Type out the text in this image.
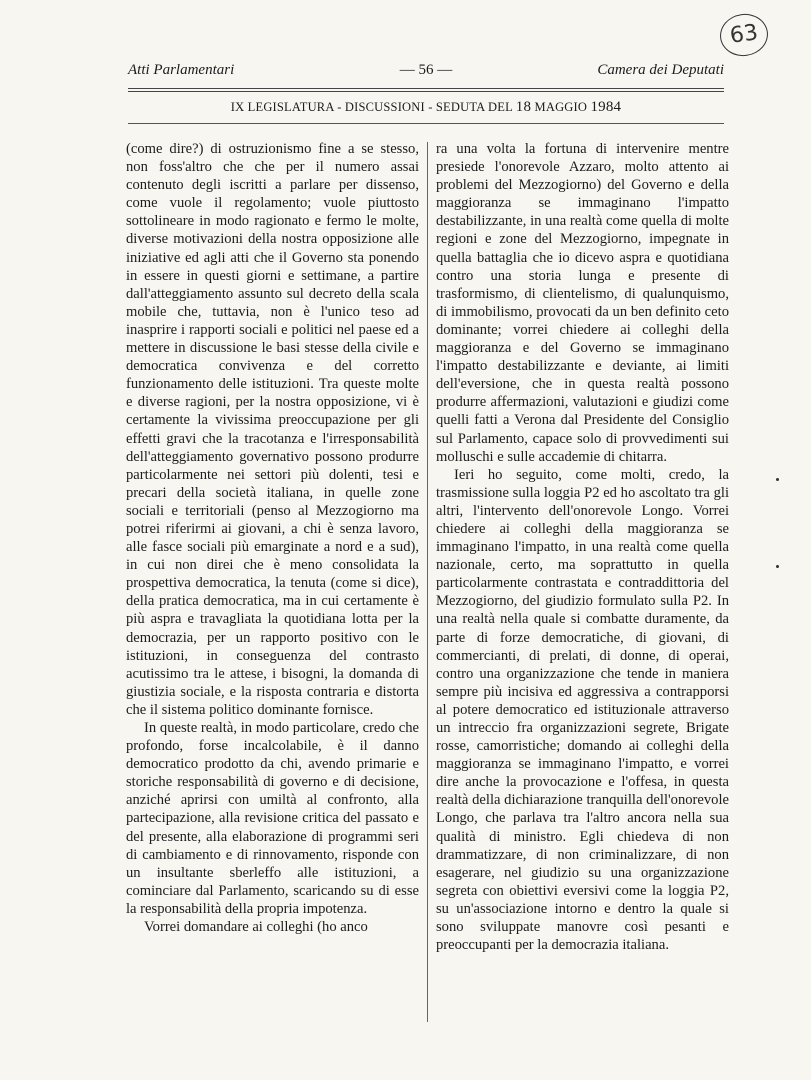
63
Atti Parlamentari	— 56 —	Camera dei Deputati
IX LEGISLATURA - DISCUSSIONI - SEDUTA DEL 18 MAGGIO 1984

(come dire?) di ostruzionismo fine a se stesso, non foss'altro che che per il numero assai contenuto degli iscritti a parlare per dissenso, come vuole il regolamento; vuole piuttosto sottolineare in modo ragionato e fermo le molte, diverse motivazioni della nostra opposizione alle iniziative ed agli atti che il Governo sta ponendo in essere in questi giorni e settimane, a partire dall'atteggiamento assunto sul decreto della scala mobile che, tuttavia, non è l'unico teso ad inasprire i rapporti sociali e politici nel paese ed a mettere in discussione le basi stesse della civile e democratica convivenza e del corretto funzionamento delle istituzioni. Tra queste molte e diverse ragioni, per la nostra opposizione, vi è certamente la vivissima preoccupazione per gli effetti gravi che la tracotanza e l'irresponsabilità dell'atteggiamento governativo possono produrre particolarmente nei settori più dolenti, tesi e precari della società italiana, in quelle zone sociali e territoriali (penso al Mezzogiorno ma potrei riferirmi ai giovani, a chi è senza lavoro, alle fasce sociali più emarginate a nord e a sud), in cui non direi che è meno consolidata la prospettiva democratica, la tenuta (come si dice), della pratica democratica, ma in cui certamente è più aspra e travagliata la quotidiana lotta per la democrazia, per un rapporto positivo con le istituzioni, in conseguenza del contrasto acutissimo tra le attese, i bisogni, la domanda di giustizia sociale, e la risposta contraria e distorta che il sistema politico dominante fornisce.

In queste realtà, in modo particolare, credo che profondo, forse incalcolabile, è il danno democratico prodotto da chi, avendo primarie e storiche responsabilità di governo e di decisione, anziché aprirsi con umiltà al confronto, alla partecipazione, alla revisione critica del passato e del presente, alla elaborazione di programmi seri di cambiamento e di rinnovamento, risponde con un insultante sberleffo alle istituzioni, a cominciare dal Parlamento, scaricando su di esse la responsabilità della propria impotenza.

Vorrei domandare ai colleghi (ho anco

ra una volta la fortuna di intervenire mentre presiede l'onorevole Azzaro, molto attento ai problemi del Mezzogiorno) del Governo e della maggioranza se immaginano l'impatto destabilizzante, in una realtà come quella di molte regioni e zone del Mezzogiorno, impegnate in quella battaglia che io dicevo aspra e quotidiana contro una storia lunga e presente di trasformismo, di clientelismo, di qualunquismo, di immobilismo, provocati da un ben definito ceto dominante; vorrei chiedere ai colleghi della maggioranza e del Governo se immaginano l'impatto destabilizzante e deviante, ai limiti dell'eversione, che in questa realtà possono produrre affermazioni, valutazioni e giudizi come quelli fatti a Verona dal Presidente del Consiglio sul Parlamento, capace solo di provvedimenti sui molluschi e sulle accademie di chitarra.

Ieri ho seguito, come molti, credo, la trasmissione sulla loggia P2 ed ho ascoltato tra gli altri, l'intervento dell'onorevole Longo. Vorrei chiedere ai colleghi della maggioranza se immaginano l'impatto, in una realtà come quella nazionale, certo, ma soprattutto in quella particolarmente contrastata e contraddittoria del Mezzogiorno, del giudizio formulato sulla P2. In una realtà nella quale si combatte duramente, da parte di forze democratiche, di giovani, di commercianti, di prelati, di donne, di operai, contro una organizzazione che tende in maniera sempre più incisiva ed aggressiva a contrapporsi al potere democratico ed istituzionale attraverso un intreccio fra organizzazioni segrete, Brigate rosse, camorristiche; domando ai colleghi della maggioranza se immaginano l'impatto, e vorrei dire anche la provocazione e l'offesa, in questa realtà della dichiarazione tranquilla dell'onorevole Longo, che parlava tra l'altro ancora nella sua qualità di ministro. Egli chiedeva di non drammatizzare, di non criminalizzare, di non esagerare, nel giudizio su una organizzazione segreta con obiettivi eversivi come la loggia P2, su un'associazione intorno e dentro la quale si sono sviluppate manovre così pesanti e preoccupanti per la democrazia italiana.
